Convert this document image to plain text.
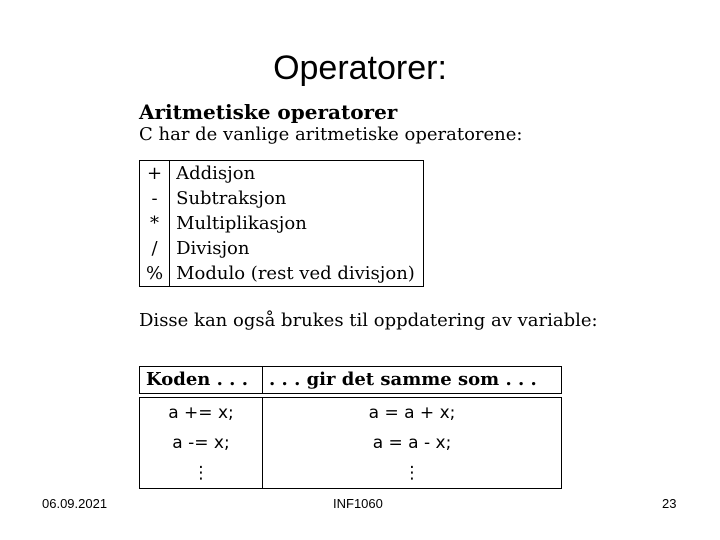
Operatorer:
Aritmetiske operatorer
C har de vanlige aritmetiske operatorene:
+	Addisjon
-	Subtraksjon
*	Multiplikasjon
/	Divisjon
%	Modulo (rest ved divisjon)
Disse kan også brukes til oppdatering av variable:
Koden . . .	. . . gir det samme som . . .

a += x;	a = a + x;
a -= x;	a = a - x;
⋮	⋮
06.09.2021	INF1060	23
